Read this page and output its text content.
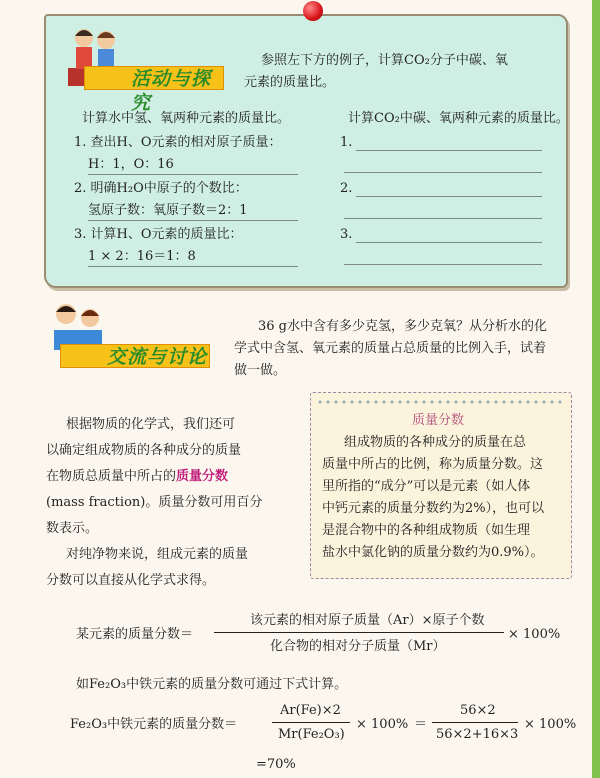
活动与探究
参照左下方的例子，计算CO₂分子中碳、氧
元素的质量比。
计算水中氢、氧两种元素的质量比。	计算CO₂中碳、氧两种元素的质量比。
1. 查出H、O元素的相对原子质量：
H：1，O：16
2. 明确H₂O中原子的个数比：
氢原子数：氧原子数＝2：1
3. 计算H、O元素的质量比：
1 × 2：16＝1：8
1.
2.
3.
交流与讨论
36 g水中含有多少克氢，多少克氧？从分析水的化
学式中含氢、氧元素的质量占总质量的比例入手，试着
做一做。
根据物质的化学式，我们还可
以确定组成物质的各种成分的质量
在物质总质量中所占的质量分数
(mass fraction)。质量分数可用百分
数表示。
对纯净物来说，组成元素的质量
分数可以直接从化学式求得。
质量分数
组成物质的各种成分的质量在总
质量中所占的比例，称为质量分数。这
里所指的“成分”可以是元素（如人体
中钙元素的质量分数约为2%），也可以
是混合物中的各种组成物质（如生理
盐水中氯化钠的质量分数约为0.9%）。
某元素的质量分数＝
该元素的相对原子质量（Ar）×原子个数
化合物的相对分子质量（Mr）
× 100%
如Fe₂O₃中铁元素的质量分数可通过下式计算。
Fe₂O₃中铁元素的质量分数＝
Ar(Fe)×2
Mr(Fe₂O₃)
× 100% ＝
56×2
56×2+16×3
× 100%
=70%
